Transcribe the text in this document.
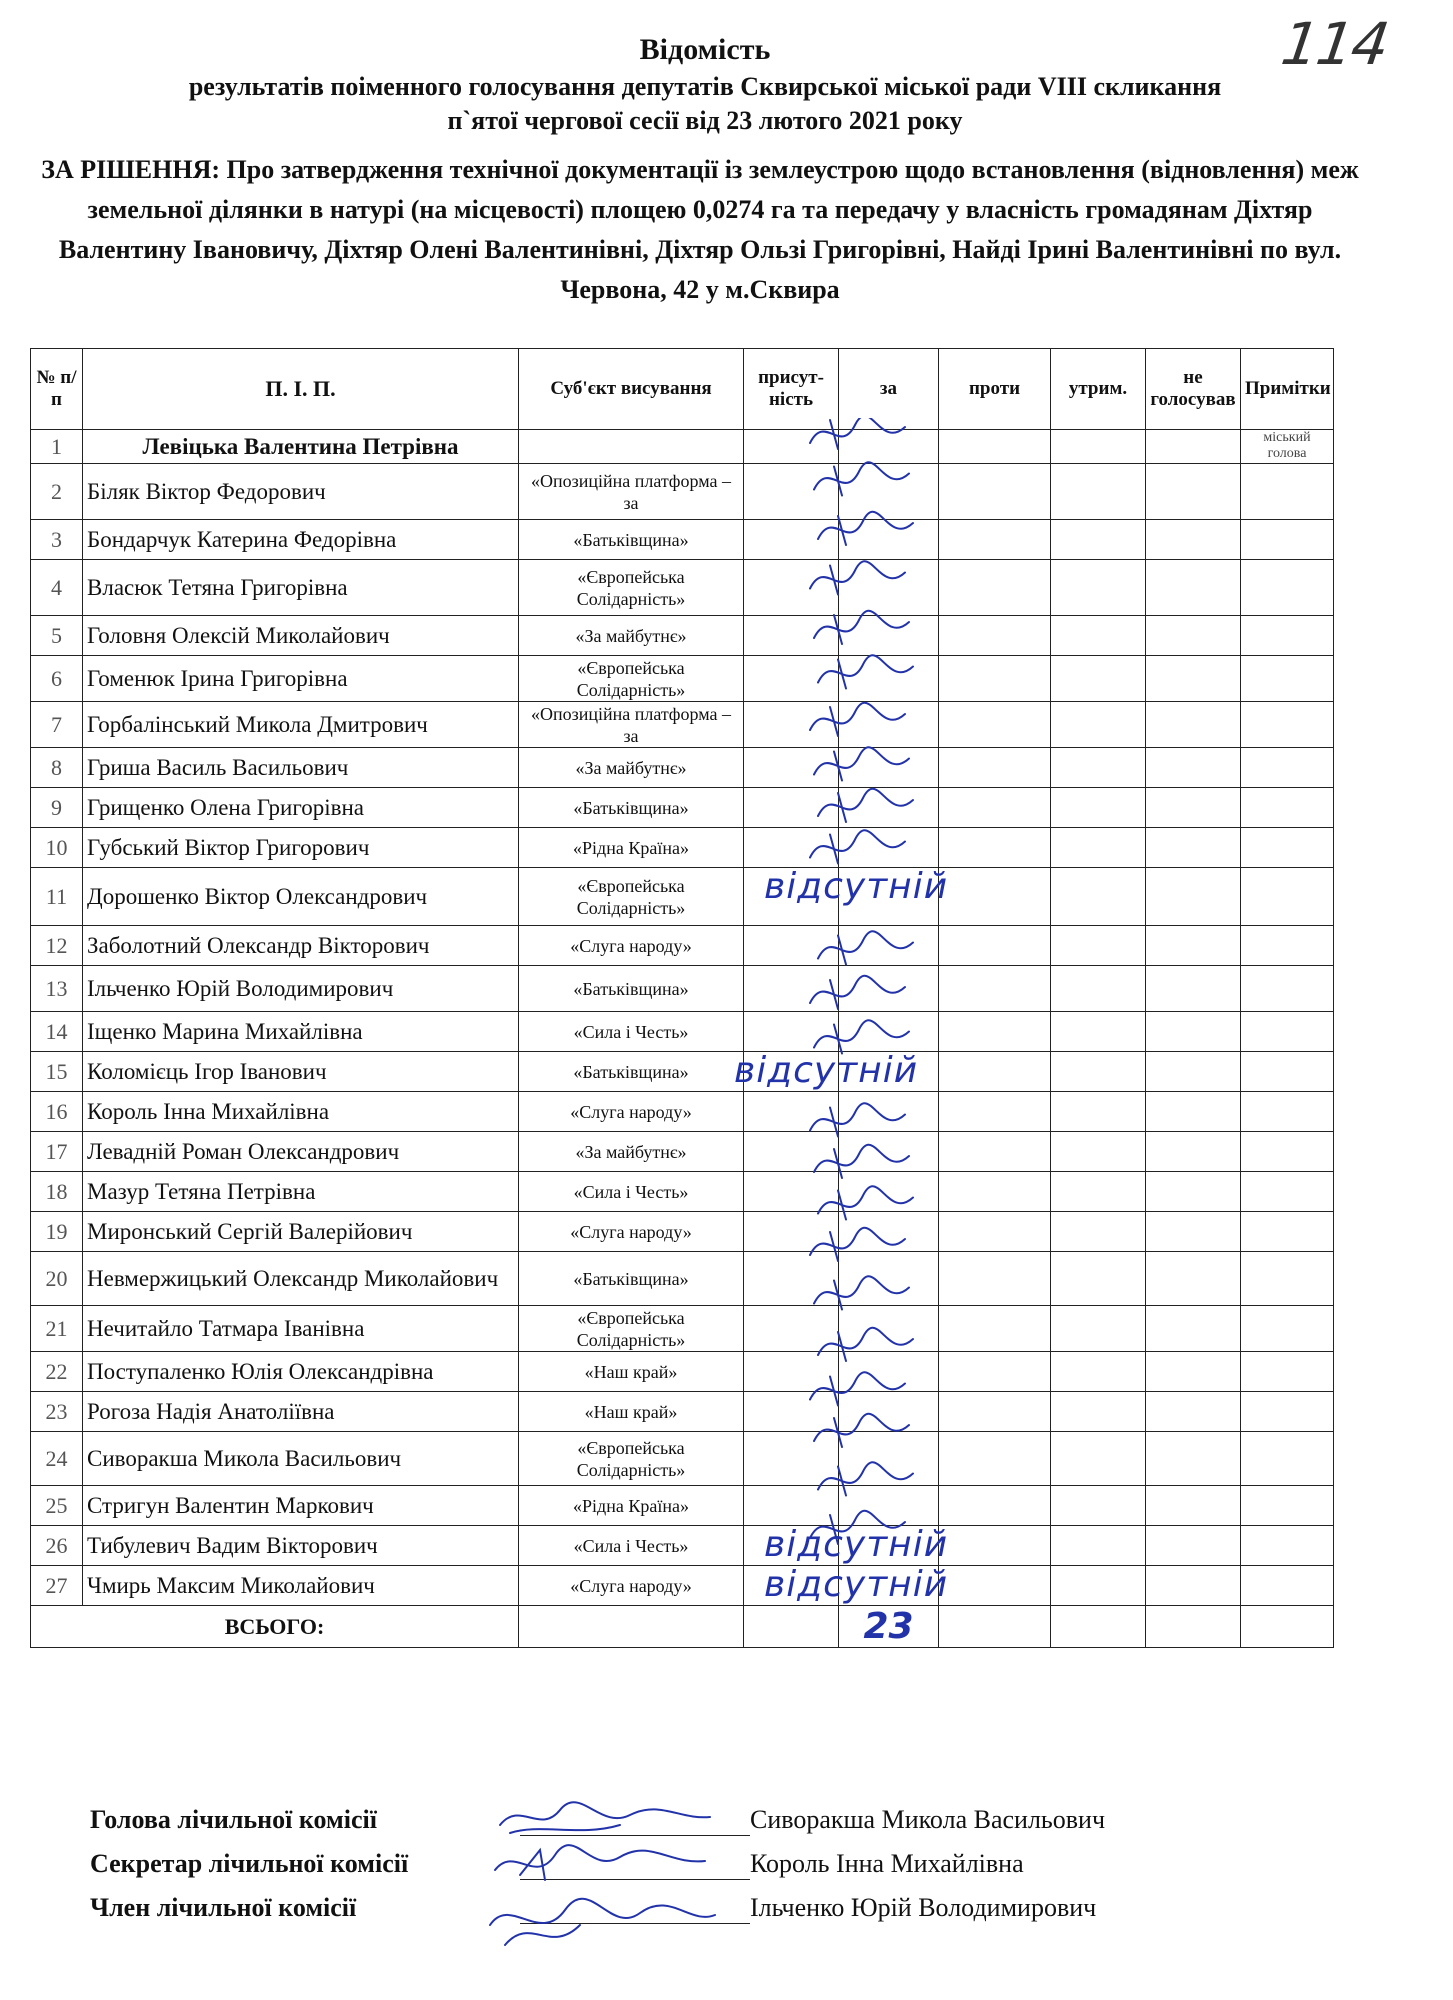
114
Відомість
результатів поіменного голосування депутатів Сквирської міської ради VIII скликання
п`ятої чергової сесії від 23 лютого 2021 року
ЗА РІШЕННЯ: Про затвердження технічної документації із землеустрою щодо встановлення (відновлення) меж земельної ділянки в натурі (на місцевості) площею 0,0274 га та передачу у власність громадянам Діхтяр Валентину Івановичу, Діхтяр Олені Валентинівні, Діхтяр Ользі Григорівні, Найді Ірині Валентинівні по вул. Червона, 42 у м.Сквира
№ п/п	П. І. П.	Суб'єкт висування	присут-ність	за	проти	утрим.	не голосував	Примітки
1	Левіцька Валентина Петрівна							міський голова
2	Біляк Віктор Федорович	«Опозиційна платформа – за						
3	Бондарчук Катерина Федорівна	«Батьківщина»						
4	Власюк Тетяна Григорівна	«Європейська Солідарність»						
5	Головня Олексій Миколайович	«За майбутнє»						
6	Гоменюк Ірина Григорівна	«Європейська Солідарність»						
7	Горбалінський Микола Дмитрович	«Опозиційна платформа – за						
8	Гриша Василь Васильович	«За майбутнє»						
9	Грищенко Олена Григорівна	«Батьківщина»						
10	Губський Віктор Григорович	«Рідна Країна»						
11	Дорошенко Віктор Олександрович	«Європейська Солідарність»	відсутній					

12	Заболотний Олександр Вікторович	«Слуга народу»						
13	Ільченко Юрій Володимирович	«Батьківщина»						
14	Іщенко Марина Михайлівна	«Сила і Честь»						
15	Коломієць Ігор Іванович	«Батьківщина»	відсутній					

16	Король Інна Михайлівна	«Слуга народу»						
17	Левадній Роман Олександрович	«За майбутнє»						
18	Мазур Тетяна Петрівна	«Сила і Честь»						
19	Миронський Сергій Валерійович	«Слуга народу»						
20	Невмержицький Олександр Миколайович	«Батьківщина»						
21	Нечитайло Татмара Іванівна	«Європейська Солідарність»						
22	Поступаленко Юлія Олександрівна	«Наш край»						
23	Рогоза Надія Анатоліївна	«Наш край»						
24	Сиворакша Микола Васильович	«Європейська Солідарність»						
25	Стригун Валентин Маркович	«Рідна Країна»						
26	Тибулевич Вадим Вікторович	«Сила і Честь»	відсутній					

27	Чмирь Максим Миколайович	«Слуга народу»	відсутній					

ВСЬОГО:				23				
Голова лічильної комісії	Сиворакша Микола Васильович
Секретар лічильної комісії	Король Інна Михайлівна
Член лічильної комісії	Ільченко Юрій Володимирович
